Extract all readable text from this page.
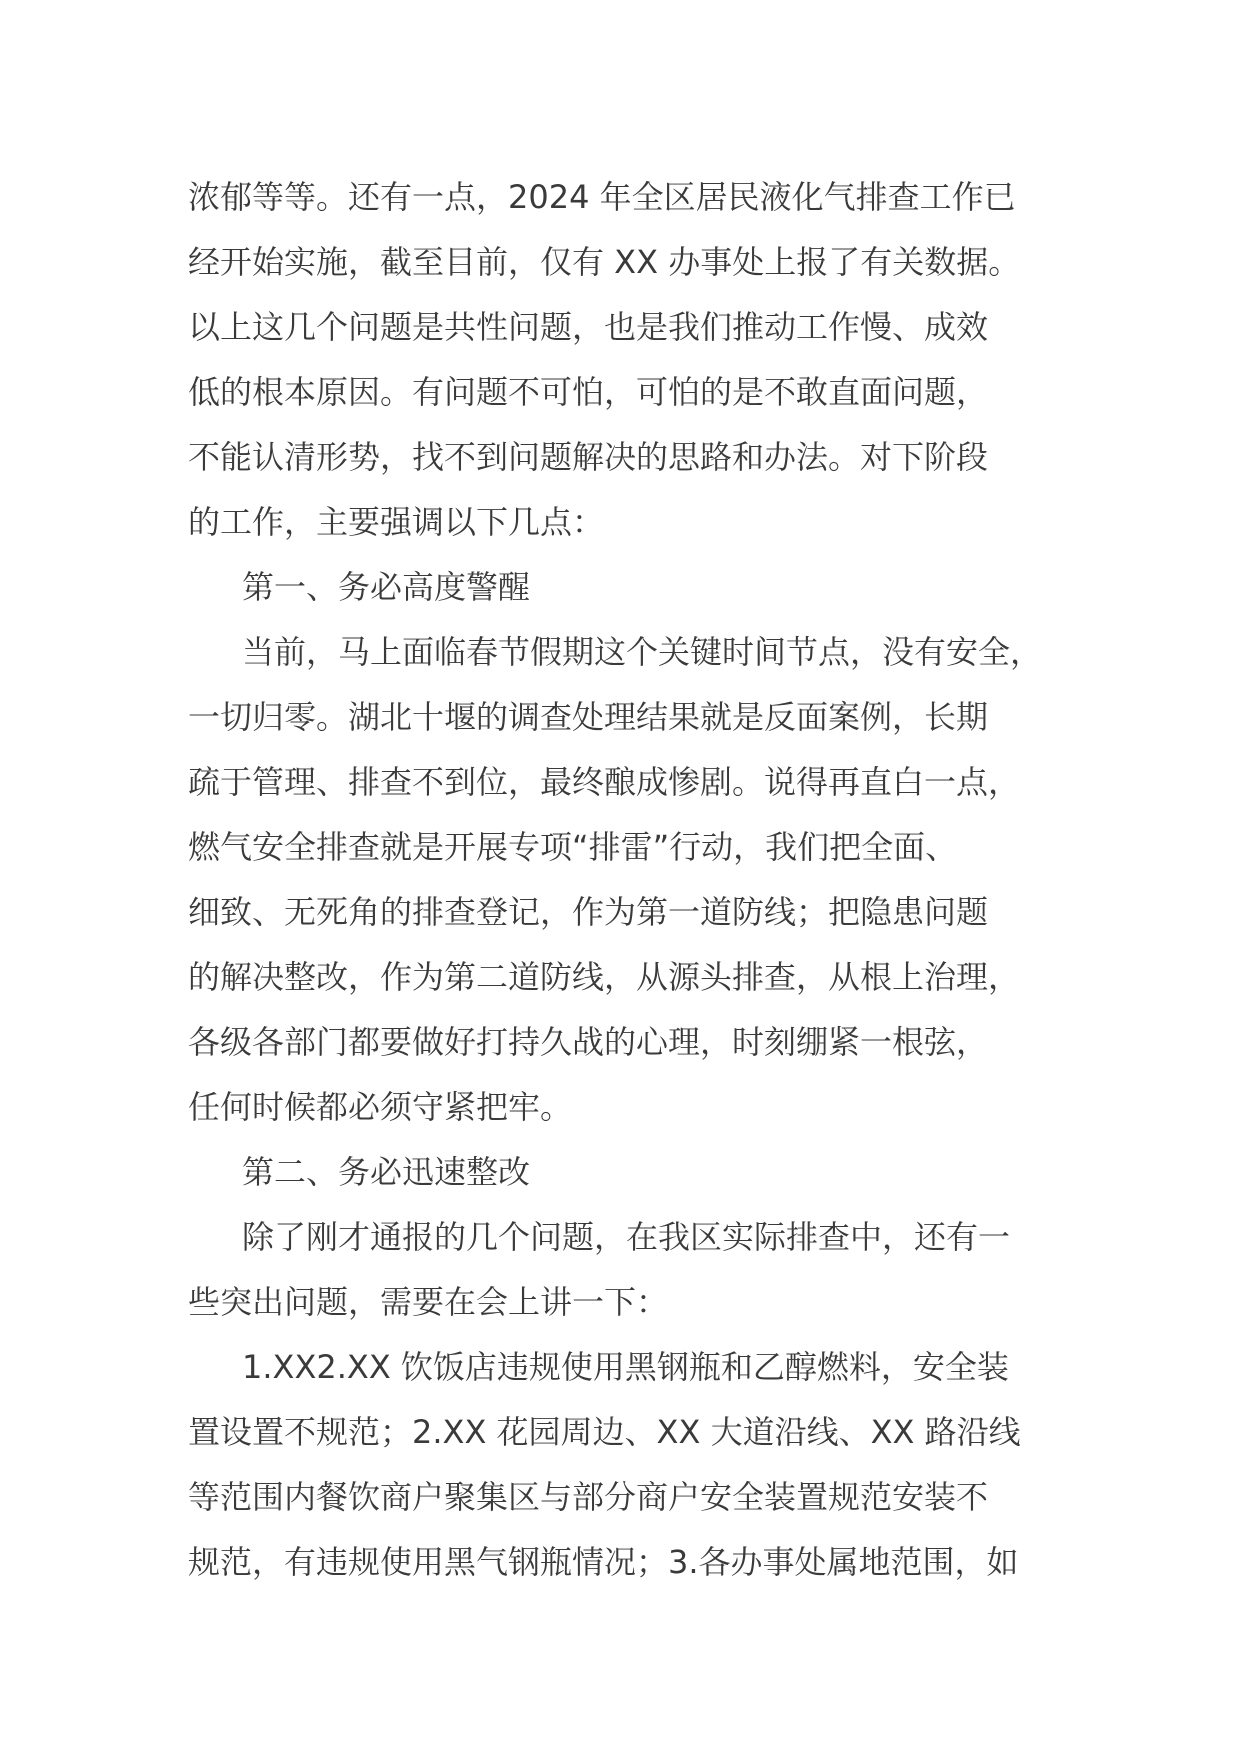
浓郁等等。还有一点，2024 年全区居民液化气排查工作已
经开始实施，截至目前，仅有 XX 办事处上报了有关数据。
以上这几个问题是共性问题，也是我们推动工作慢、成效
低的根本原因。有问题不可怕，可怕的是不敢直面问题，
不能认清形势，找不到问题解决的思路和办法。对下阶段
的工作，主要强调以下几点：
第一、务必高度警醒
当前，马上面临春节假期这个关键时间节点，没有安全，
一切归零。湖北十堰的调查处理结果就是反面案例，长期
疏于管理、排查不到位，最终酿成惨剧。说得再直白一点，
燃气安全排查就是开展专项“排雷”行动，我们把全面、
细致、无死角的排查登记，作为第一道防线；把隐患问题
的解决整改，作为第二道防线，从源头排查，从根上治理，
各级各部门都要做好打持久战的心理，时刻绷紧一根弦，
任何时候都必须守紧把牢。
第二、务必迅速整改
除了刚才通报的几个问题，在我区实际排查中，还有一
些突出问题，需要在会上讲一下：
1.XX2.XX 饮饭店违规使用黑钢瓶和乙醇燃料，安全装
置设置不规范；2.XX 花园周边、XX 大道沿线、XX 路沿线
等范围内餐饮商户聚集区与部分商户安全装置规范安装不
规范，有违规使用黑气钢瓶情况；3.各办事处属地范围，如
